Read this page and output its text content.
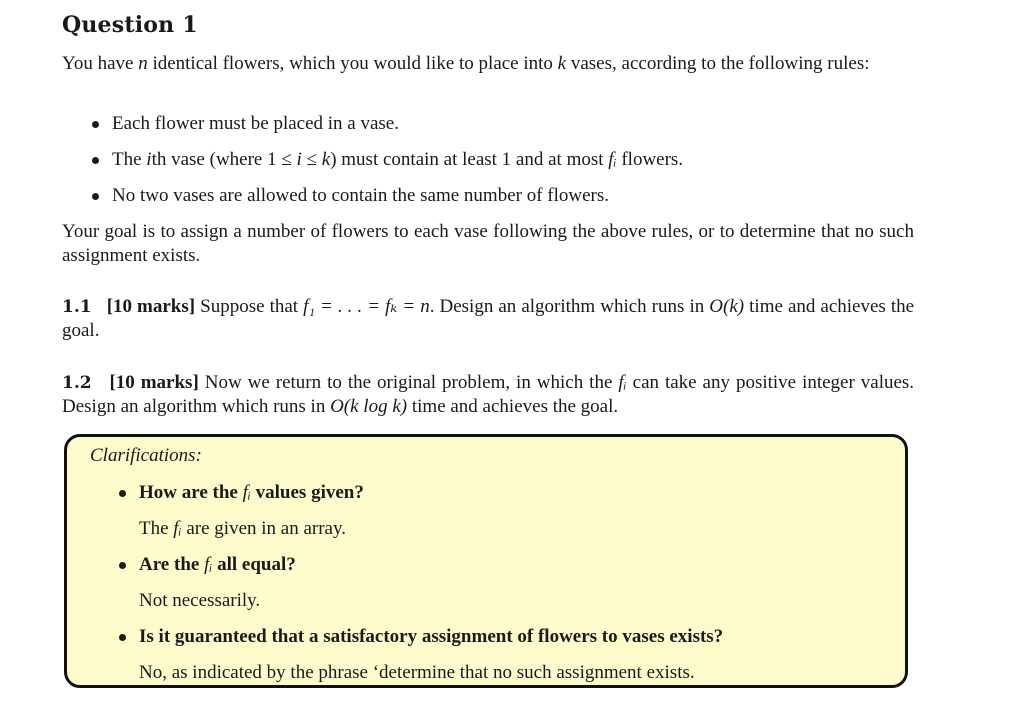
Question 1

You have n identical flowers, which you would like to place into k vases, according to the following rules:

Each flower must be placed in a vase.
The ith vase (where 1 ≤ i ≤ k) must contain at least 1 and at most fᵢ flowers.
No two vases are allowed to contain the same number of flowers.

Your goal is to assign a number of flowers to each vase following the above rules, or to determine that no such assignment exists.

1.1 [10 marks] Suppose that f₁ = . . . = fₖ = n. Design an algorithm which runs in O(k) time and achieves the goal.

1.2 [10 marks] Now we return to the original problem, in which the fᵢ can take any positive integer values. Design an algorithm which runs in O(k log k) time and achieves the goal.

Clarifications:

How are the fᵢ values given?

The fᵢ are given in an array.

Are the fᵢ all equal?

Not necessarily.

Is it guaranteed that a satisfactory assignment of flowers to vases exists?

No, as indicated by the phrase ‘determine that no such assignment exists.
